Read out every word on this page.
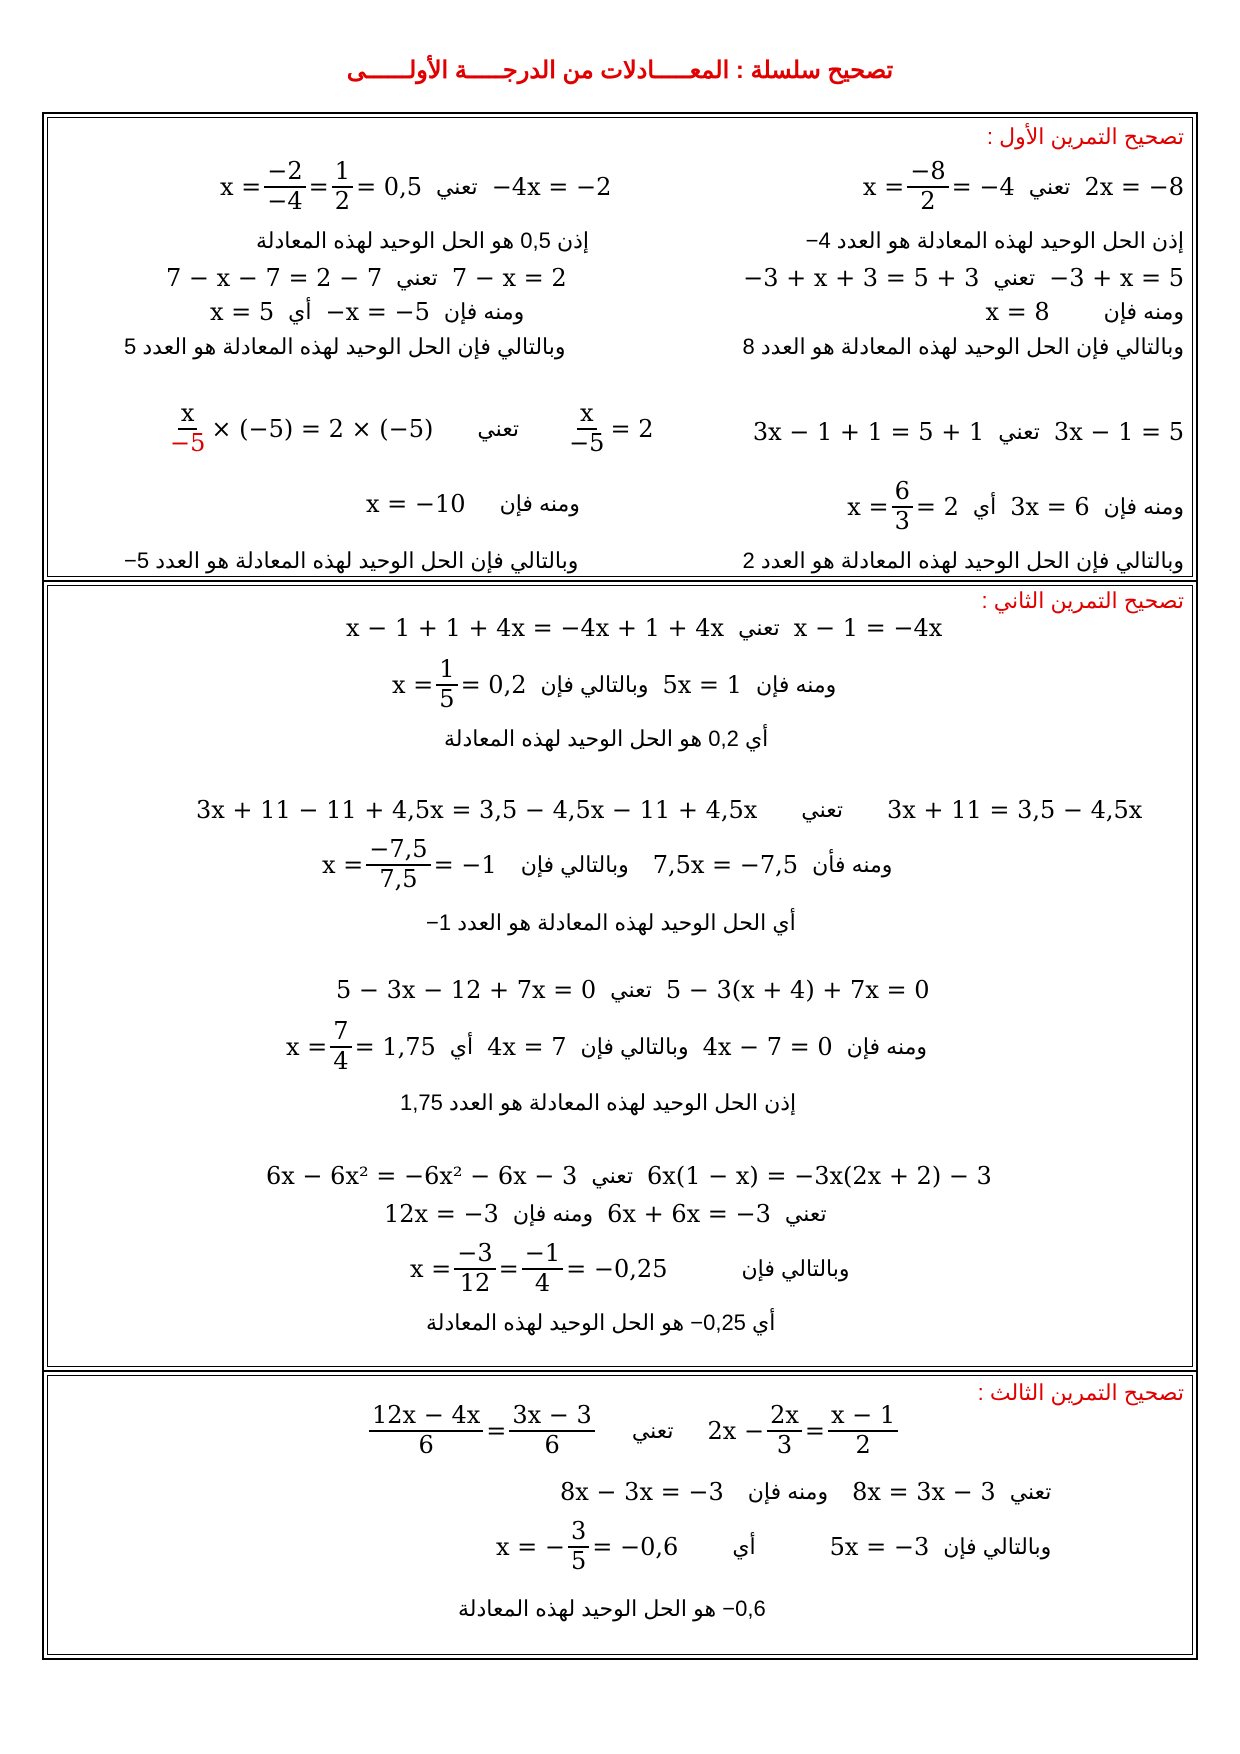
تصحيح سلسلة : المعـــــادلات من الدرجـــــة الأولــــــى
تصحيح التمرين الأول :
2x = −8
تعني
$x = \frac{-8}{2} = -4$
إذن الحل الوحيد لهذه المعادلة هو العدد 4−
−3 + x = 5
تعني
−3 + x + 3 = 5 + 3
ومنه فإن
x = 8
وبالتالي فإن الحل الوحيد لهذه المعادلة هو العدد 8
3x − 1 = 5
تعني
3x − 1 + 1 = 5 + 1
ومنه فإن
3x = 6
أي
$x = \frac{6}{3} = 2$
وبالتالي فإن الحل الوحيد لهذه المعادلة هو العدد 2
−4x = −2
تعني
$x = \frac{-2}{-4} = \frac{1}{2} = 0,5$
إذن 0,5 هو الحل الوحيد لهذه المعادلة
7 − x = 2
تعني
7 − x − 7 = 2 − 7
ومنه فإن
−x = −5
أي
x = 5
وبالتالي فإن الحل الوحيد لهذه المعادلة هو العدد 5
$\frac{x}{-5} = 2$
تعني
$\frac{x}{-5} \times (-5) = 2 \times (-5)$
ومنه فإن
x = −10
وبالتالي فإن الحل الوحيد لهذه المعادلة هو العدد 5−
تصحيح التمرين الثاني :
x − 1 = −4x
تعني
x − 1 + 1 + 4x = −4x + 1 + 4x
ومنه فإن
5x = 1
وبالتالي فإن
$x = \frac{1}{5} = 0,2$
أي 0,2 هو الحل الوحيد لهذه المعادلة
3x + 11 = 3,5 − 4,5x
تعني
3x + 11 − 11 + 4,5x = 3,5 − 4,5x − 11 + 4,5x
ومنه فأن
7,5x = −7,5
وبالتالي فإن
$x = \frac{-7,5}{7,5} = -1$
أي الحل الوحيد لهذه المعادلة هو العدد 1−
5 − 3(x + 4) + 7x = 0
تعني
5 − 3x − 12 + 7x = 0
ومنه فإن
4x − 7 = 0
وبالتالي فإن
4x = 7
أي
$x = \frac{7}{4} = 1,75$
إذن الحل الوحيد لهذه المعادلة هو العدد 1,75
6x(1 − x) = −3x(2x + 2) − 3
تعني
6x − 6x² = −6x² − 6x − 3
تعني
6x + 6x = −3
ومنه فإن
12x = −3
وبالتالي فإن
$x = \frac{-3}{12} = \frac{-1}{4} = -0,25$
أي 0,25− هو الحل الوحيد لهذه المعادلة
تصحيح التمرين الثالث :
$2x - \frac{2x}{3} = \frac{x - 1}{2}$
تعني
$\frac{12x - 4x}{6} = \frac{3x - 3}{6}$
تعني
8x = 3x − 3
ومنه فإن
8x − 3x = −3
وبالتالي فإن
5x = −3
أي
x = − $\frac{3}{5} = -0,6$
0,6− هو الحل الوحيد لهذه المعادلة
